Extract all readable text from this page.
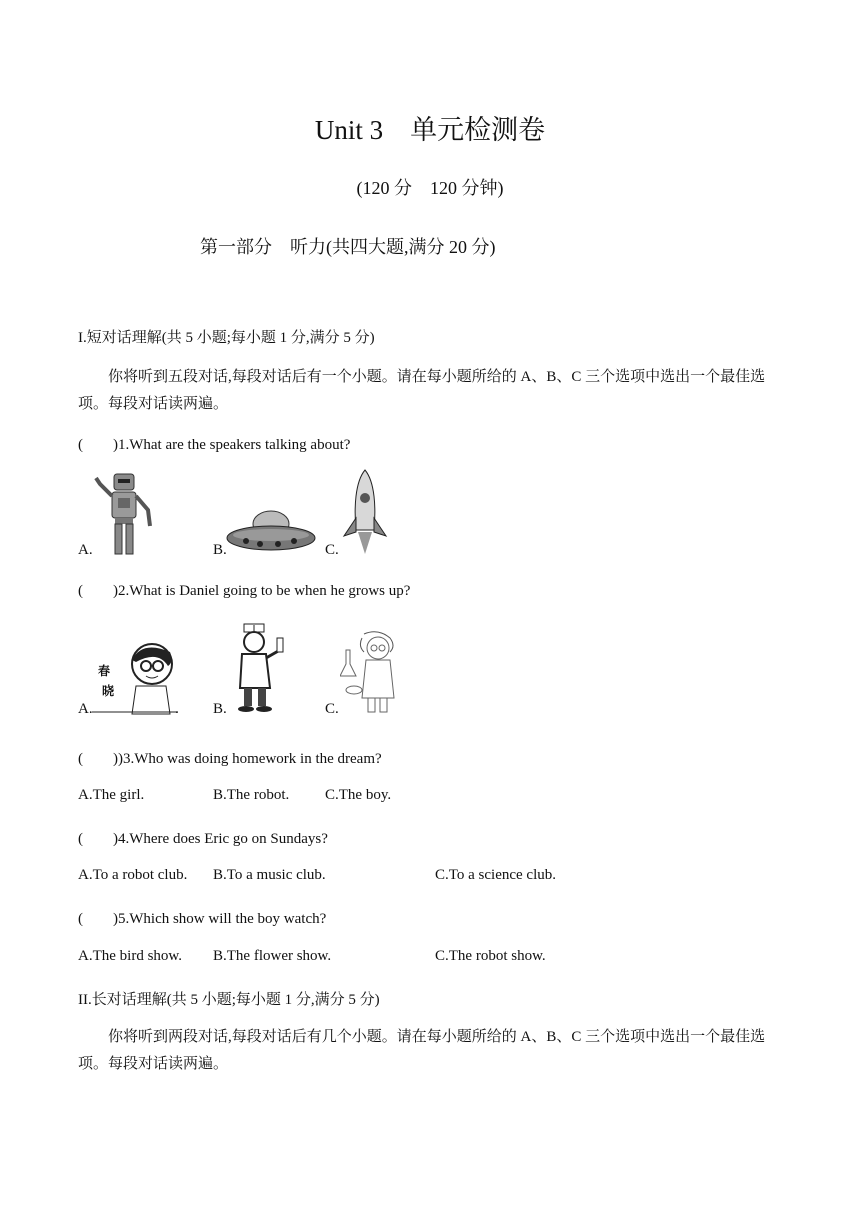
Unit 3　单元检测卷
(120 分　120 分钟)
第一部分　听力(共四大题,满分 20 分)
I.短对话理解(共 5 小题;每小题 1 分,满分 5 分)
你将听到五段对话,每段对话后有一个小题。请在每小题所给的 A、B、C 三个选项中选出一个最佳选项。每段对话读两遍。
(　　)1.What are the speakers talking about?
A.	B.	C.
(　　)2.What is Daniel going to be when he grows up?
春
晓
A.	. B.	C.
(　　))3.Who was doing homework in the dream?
A.The girl.	B.The robot. C.The boy.
(　　)4.Where does Eric go on Sundays?
A.To a robot club. B.To a music club.	C.To a science club.
(　　)5.Which show will the boy watch?
A.The bird show. B.The flower show.	C.The robot show.
II.长对话理解(共 5 小题;每小题 1 分,满分 5 分)
你将听到两段对话,每段对话后有几个小题。请在每小题所给的 A、B、C 三个选项中选出一个最佳选项。每段对话读两遍。
